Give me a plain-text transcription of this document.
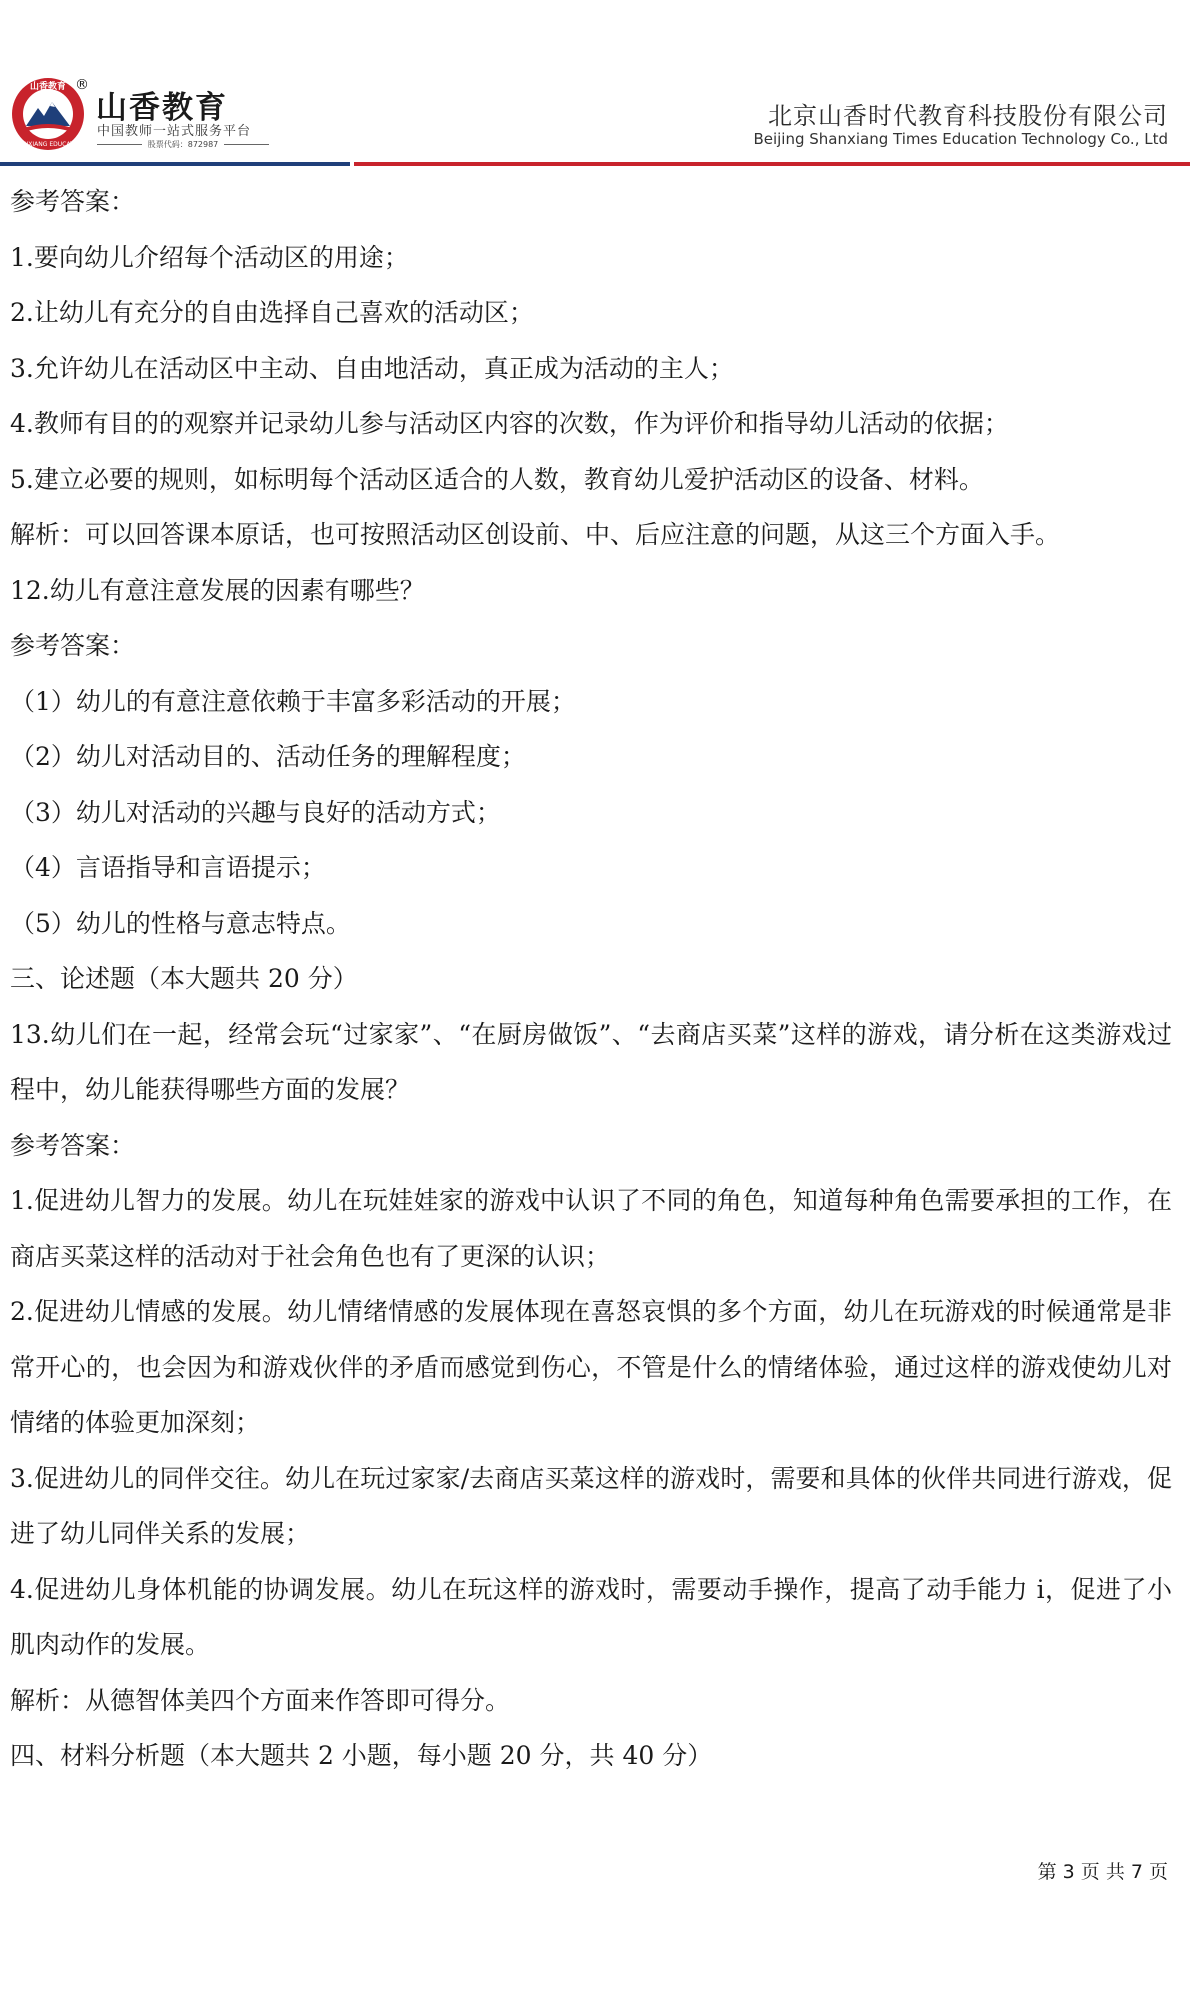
山香教育
SHANXIANG EDUCATION
®
山香教育
中国教师一站式服务平台
股票代码：872987
北京山香时代教育科技股份有限公司
Beijing Shanxiang Times Education Technology Co., Ltd

参考答案：

1.要向幼儿介绍每个活动区的用途；

2.让幼儿有充分的自由选择自己喜欢的活动区；

3.允许幼儿在活动区中主动、自由地活动，真正成为活动的主人；

4.教师有目的的观察并记录幼儿参与活动区内容的次数，作为评价和指导幼儿活动的依据；

5.建立必要的规则，如标明每个活动区适合的人数，教育幼儿爱护活动区的设备、材料。

解析：可以回答课本原话，也可按照活动区创设前、中、后应注意的问题，从这三个方面入手。

12.幼儿有意注意发展的因素有哪些？

参考答案：

（1）幼儿的有意注意依赖于丰富多彩活动的开展；

（2）幼儿对活动目的、活动任务的理解程度；

（3）幼儿对活动的兴趣与良好的活动方式；

（4）言语指导和言语提示；

（5）幼儿的性格与意志特点。

三、论述题（本大题共 20 分）

13.幼儿们在一起，经常会玩“过家家”、“在厨房做饭”、“去商店买菜”这样的游戏，请分析在这类游戏过程中，幼儿能获得哪些方面的发展？

参考答案：

1.促进幼儿智力的发展。幼儿在玩娃娃家的游戏中认识了不同的角色，知道每种角色需要承担的工作，在商店买菜这样的活动对于社会角色也有了更深的认识；

2.促进幼儿情感的发展。幼儿情绪情感的发展体现在喜怒哀惧的多个方面，幼儿在玩游戏的时候通常是非常开心的，也会因为和游戏伙伴的矛盾而感觉到伤心，不管是什么的情绪体验，通过这样的游戏使幼儿对情绪的体验更加深刻；

3.促进幼儿的同伴交往。幼儿在玩过家家/去商店买菜这样的游戏时，需要和具体的伙伴共同进行游戏，促进了幼儿同伴关系的发展；

4.促进幼儿身体机能的协调发展。幼儿在玩这样的游戏时，需要动手操作，提高了动手能力 i，促进了小肌肉动作的发展。

解析：从德智体美四个方面来作答即可得分。

四、材料分析题（本大题共 2 小题，每小题 20 分，共 40 分）

第 3 页 共 7 页
